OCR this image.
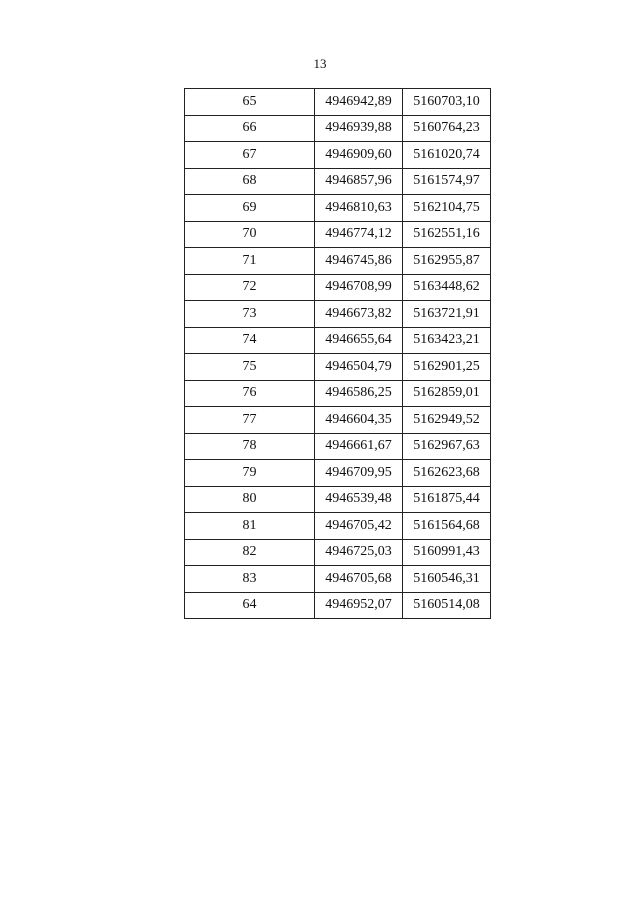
13
65	4946942,89	5160703,10
66	4946939,88	5160764,23
67	4946909,60	5161020,74
68	4946857,96	5161574,97
69	4946810,63	5162104,75
70	4946774,12	5162551,16
71	4946745,86	5162955,87
72	4946708,99	5163448,62
73	4946673,82	5163721,91
74	4946655,64	5163423,21
75	4946504,79	5162901,25
76	4946586,25	5162859,01
77	4946604,35	5162949,52
78	4946661,67	5162967,63
79	4946709,95	5162623,68
80	4946539,48	5161875,44
81	4946705,42	5161564,68
82	4946725,03	5160991,43
83	4946705,68	5160546,31
64	4946952,07	5160514,08
